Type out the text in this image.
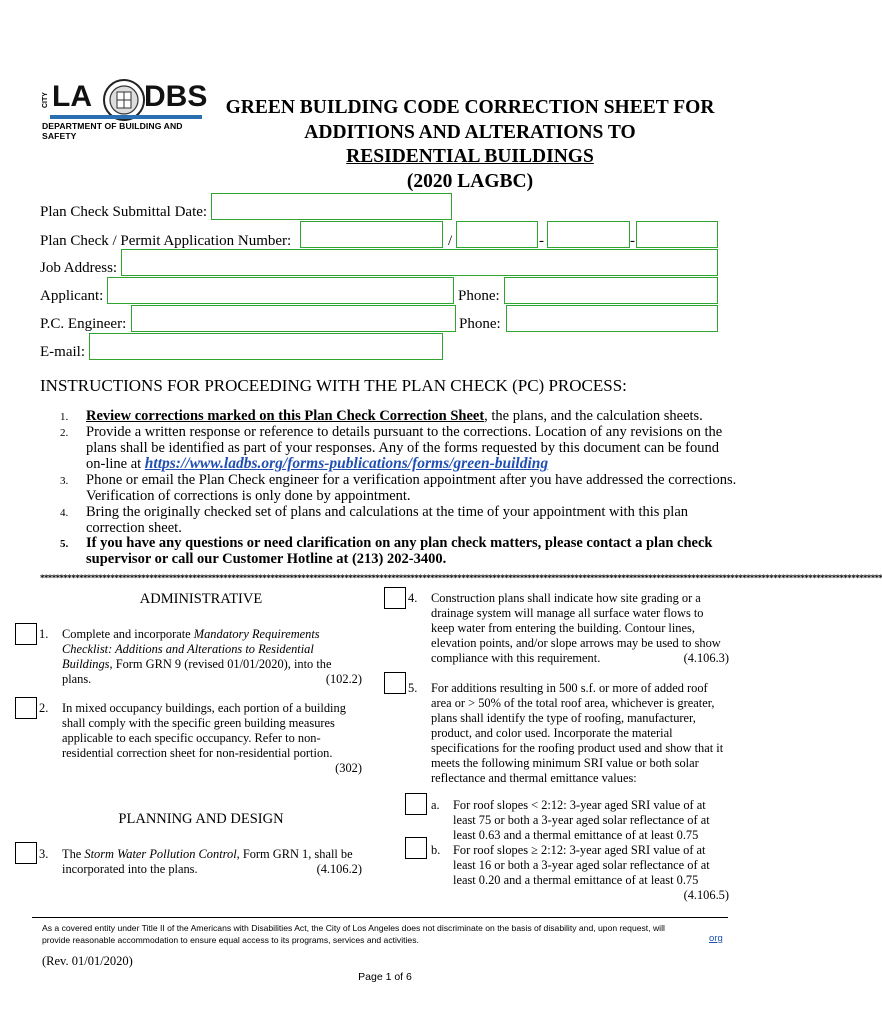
CITY LA DBS
DEPARTMENT OF BUILDING AND SAFETY
GREEN BUILDING CODE CORRECTION SHEET FOR
ADDITIONS AND ALTERATIONS TO
RESIDENTIAL BUILDINGS
(2020 LAGBC)
Plan Check Submittal Date:
Plan Check / Permit Application Number:	/	-	-
Job Address:
Applicant:	Phone:
P.C. Engineer:	Phone:
E-mail:
INSTRUCTIONS FOR PROCEEDING WITH THE PLAN CHECK (PC) PROCESS:
1. Review corrections marked on this Plan Check Correction Sheet, the plans, and the calculation sheets.
2. Provide a written response or reference to details pursuant to the corrections. Location of any revisions on the plans shall be identified as part of your responses. Any of the forms requested by this document can be found on-line at https://www.ladbs.org/forms-publications/forms/green-building
3. Phone or email the Plan Check engineer for a verification appointment after you have addressed the corrections. Verification of corrections is only done by appointment.
4. Bring the originally checked set of plans and calculations at the time of your appointment with this plan correction sheet.
5. If you have any questions or need clarification on any plan check matters, please contact a plan check supervisor or call our Customer Hotline at (213) 202-3400.
************************************************************************************************************************************************************************************************************************
ADMINISTRATIVE
1. Complete and incorporate Mandatory Requirements Checklist: Additions and Alterations to Residential Buildings, Form GRN 9 (revised 01/01/2020), into the plans.	(102.2)
2. In mixed occupancy buildings, each portion of a building shall comply with the specific green building measures applicable to each specific occupancy. Refer to non-residential correction sheet for non-residential portion.
(302)
PLANNING AND DESIGN
3. The Storm Water Pollution Control, Form GRN 1, shall be incorporated into the plans.	(4.106.2)
4. Construction plans shall indicate how site grading or a drainage system will manage all surface water flows to keep water from entering the building. Contour lines, elevation points, and/or slope arrows may be used to show compliance with this requirement.	(4.106.3)
5. For additions resulting in 500 s.f. or more of added roof area or > 50% of the total roof area, whichever is greater, plans shall identify the type of roofing, manufacturer, product, and color used. Incorporate the material specifications for the roofing product used and show that it meets the following minimum SRI value or both solar reflectance and thermal emittance values:
a. For roof slopes < 2:12: 3-year aged SRI value of at least 75 or both a 3-year aged solar reflectance of at least 0.63 and a thermal emittance of at least 0.75
b. For roof slopes ≥ 2:12: 3-year aged SRI value of at least 16 or both a 3-year aged solar reflectance of at least 0.20 and a thermal emittance of at least 0.75
(4.106.5)
As a covered entity under Title II of the Americans with Disabilities Act, the City of Los Angeles does not discriminate on the basis of disability and, upon request, will provide reasonable accommodation to ensure equal access to its programs, services and activities.	org
(Rev. 01/01/2020)
Page 1 of 6
